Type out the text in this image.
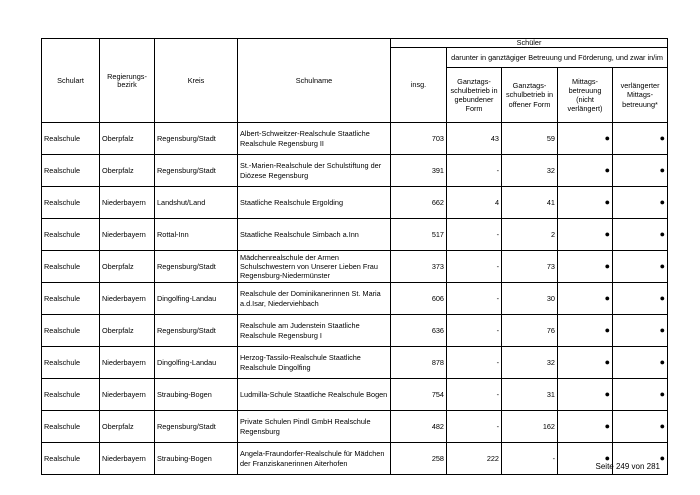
Schulart	Regierungs-bezirk	Kreis	Schulname	Schüler				
				insg.	darunter in ganztägiger Betreuung und Förderung, und zwar in/im			
					Ganztags-schulbetrieb in gebundener Form	Ganztags-schulbetrieb in offener Form	Mittags-betreuung (nicht verlängert)	verlängerter Mittags-betreuung*
Realschule	Oberpfalz	Regensburg/Stadt	Albert-Schweitzer-Realschule Staatliche Realschule Regensburg II	703	43	59	●	●
Realschule	Oberpfalz	Regensburg/Stadt	St.-Marien-Realschule der Schulstiftung der Diözese Regensburg	391	-	32	●	●
Realschule	Niederbayern	Landshut/Land	Staatliche Realschule Ergolding	662	4	41	●	●
Realschule	Niederbayern	Rottal-Inn	Staatliche Realschule Simbach a.Inn	517	-	2	●	●
Realschule	Oberpfalz	Regensburg/Stadt	Mädchenrealschule der Armen Schulschwestern von Unserer Lieben Frau Regensburg-Niedermünster	373	-	73	●	●
Realschule	Niederbayern	Dingolfing-Landau	Realschule der Dominikanerinnen St. Maria a.d.Isar, Niederviehbach	606	-	30	●	●
Realschule	Oberpfalz	Regensburg/Stadt	Realschule am Judenstein Staatliche Realschule Regensburg I	636	-	76	●	●
Realschule	Niederbayern	Dingolfing-Landau	Herzog-Tassilo-Realschule Staatliche Realschule Dingolfing	878	-	32	●	●
Realschule	Niederbayern	Straubing-Bogen	Ludmilla-Schule Staatliche Realschule Bogen	754	-	31	●	●
Realschule	Oberpfalz	Regensburg/Stadt	Private Schulen Pindl GmbH Realschule Regensburg	482	-	162	●	●
Realschule	Niederbayern	Straubing-Bogen	Angela-Fraundorfer-Realschule für Mädchen der Franziskanerinnen Aiterhofen	258	222	-	●	●
Seite 249 von 281
